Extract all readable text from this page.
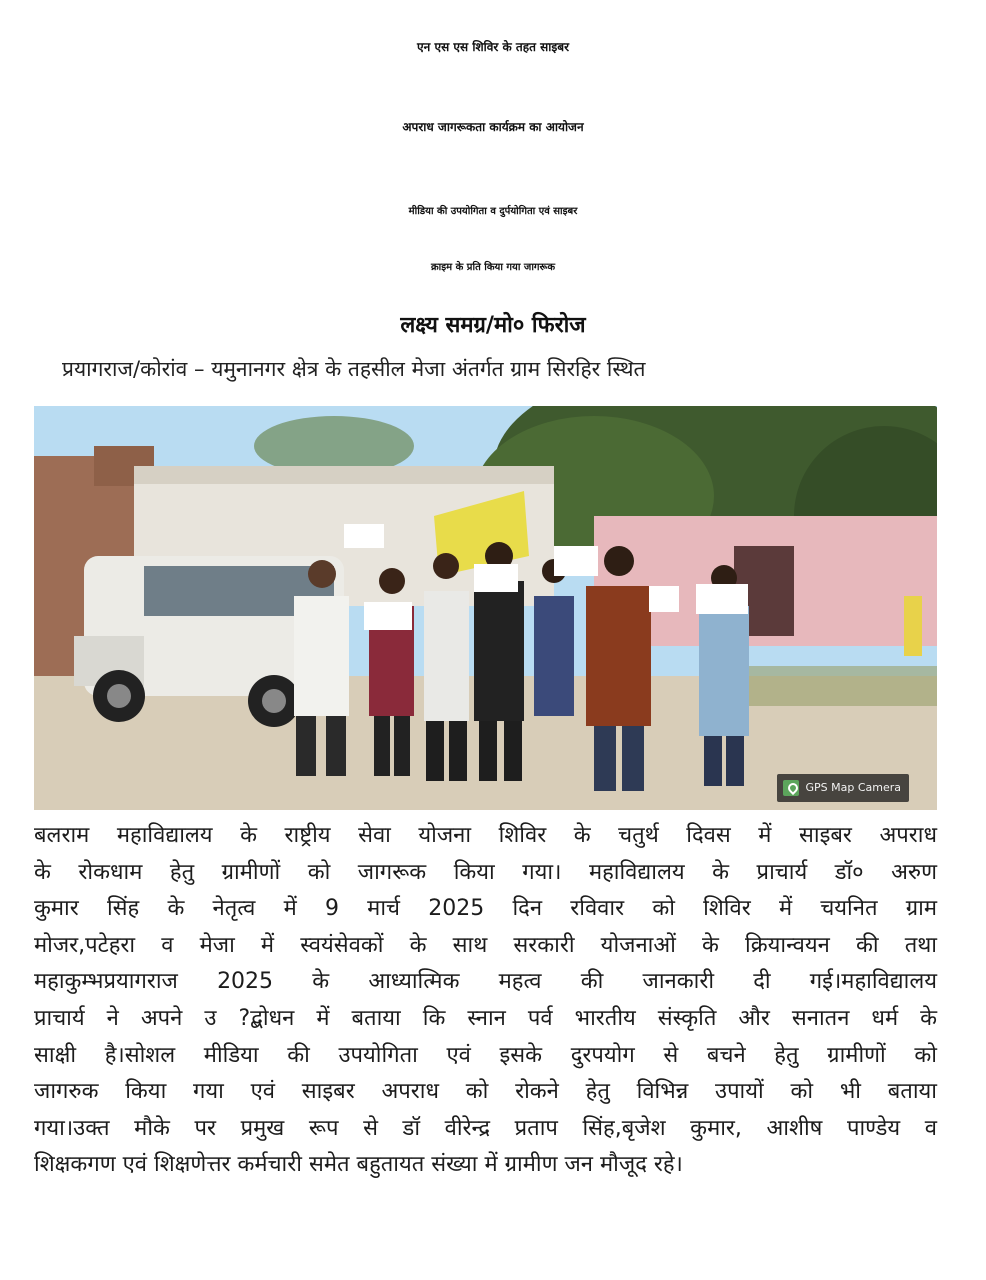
एन एस एस शिविर के तहत साइबर
अपराध जागरूकता कार्यक्रम का आयोजन
मीडिया की उपयोगिता व दुर्पयोगिता एवं साइबर
क्राइम के प्रति किया गया जागरूक
लक्ष्य समग्र/मो० फिरोज
प्रयागराज/कोरांव – यमुनानगर क्षेत्र के तहसील मेजा अंतर्गत ग्राम सिरहिर स्थित
GPS Map Camera
बलराम महाविद्यालय के राष्ट्रीय सेवा योजना शिविर के चतुर्थ दिवस में साइबर अपराध
के रोकधाम हेतु ग्रामीणों को जागरूक किया गया। महाविद्यालय के प्राचार्य डॉ० अरुण
कुमार सिंह के नेतृत्व में 9 मार्च 2025 दिन रविवार को शिविर में चयनित ग्राम
मोजर,पटेहरा व मेजा में स्वयंसेवकों के साथ सरकारी योजनाओं के क्रियान्वयन की तथा
महाकुम्भप्रयागराज 2025 के आध्यात्मिक महत्व की जानकारी दी गई।महाविद्यालय
प्राचार्य ने अपने उ ?द्बोधन में बताया कि स्नान पर्व भारतीय संस्कृति और सनातन धर्म के
साक्षी है।सोशल मीडिया की उपयोगिता एवं इसके दुरपयोग से बचने हेतु ग्रामीणों को
जागरुक किया गया एवं साइबर अपराध को रोकने हेतु विभिन्न उपायों को भी बताया
गया।उक्त मौके पर प्रमुख रूप से डॉ वीरेन्द्र प्रताप सिंह,बृजेश कुमार, आशीष पाण्डेय व
शिक्षकगण एवं शिक्षणेत्तर कर्मचारी समेत बहुतायत संख्या में ग्रामीण जन मौजूद रहे।
